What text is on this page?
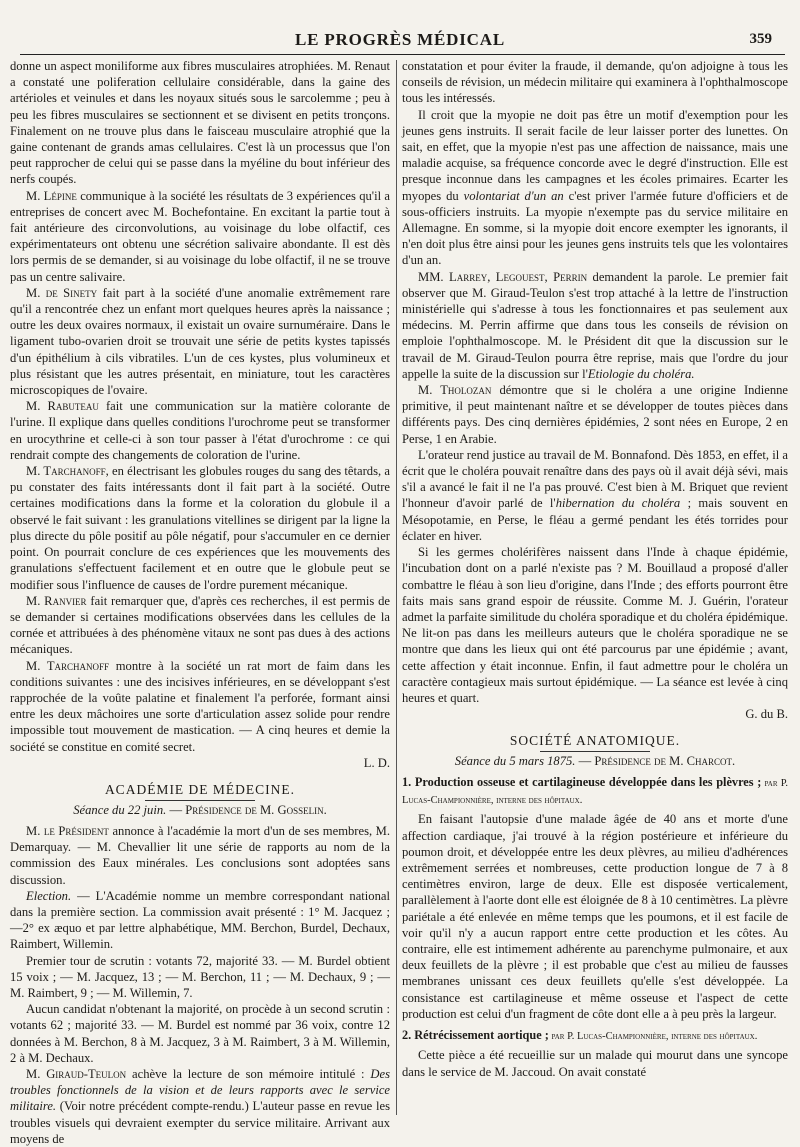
LE PROGRÈS MÉDICAL	359

donne un aspect moniliforme aux fibres musculaires atrophiées. M. Renaut a constaté une poliferation cellulaire considérable, dans la gaine des artérioles et veinules et dans les noyaux situés sous le sarcolemme ; peu à peu les fibres musculaires se sectionnent et se divisent en petits tronçons. Finalement on ne trouve plus dans le faisceau musculaire atrophié que la gaine contenant de grands amas cellulaires. C'est là un processus que l'on peut rapprocher de celui qui se passe dans la myéline du bout inférieur des nerfs coupés.

M. Lépine communique à la société les résultats de 3 expériences qu'il a entreprises de concert avec M. Bochefontaine. En excitant la partie tout à fait antérieure des circonvolutions, au voisinage du lobe olfactif, ces expérimentateurs ont obtenu une sécrétion salivaire abondante. Il est dès lors permis de se demander, si au voisinage du lobe olfactif, il ne se trouve pas un centre salivaire.

M. de Sinety fait part à la société d'une anomalie extrêmement rare qu'il a rencontrée chez un enfant mort quelques heures après la naissance ; outre les deux ovaires normaux, il existait un ovaire surnuméraire. Dans le ligament tubo-ovarien droit se trouvait une série de petits kystes tapissés d'un épithélium à cils vibratiles. L'un de ces kystes, plus volumineux et plus résistant que les autres présentait, en miniature, tout les caractères microscopiques de l'ovaire.

M. Rabuteau fait une communication sur la matière colorante de l'urine. Il explique dans quelles conditions l'urochrome peut se transformer en urocythrine et celle-ci à son tour passer à l'état d'urochrome : ce qui rendrait compte des changements de coloration de l'urine.

M. Tarchanoff, en électrisant les globules rouges du sang des têtards, a pu constater des faits intéressants dont il fait part à la société. Outre certaines modifications dans la forme et la coloration du globule il a observé le fait suivant : les granulations vitellines se dirigent par la ligne la plus directe du pôle positif au pôle négatif, pour s'accumuler en ce dernier point. On pourrait conclure de ces expériences que les mouvements des granulations s'effectuent facilement et en outre que le globule peut se modifier sous l'influence de causes de l'ordre purement mécanique.

M. Ranvier fait remarquer que, d'après ces recherches, il est permis de se demander si certaines modifications observées dans les cellules de la cornée et attribuées à des phénomène vitaux ne sont pas dues à des actions mécaniques.

M. Tarchanoff montre à la société un rat mort de faim dans les conditions suivantes : une des incisives inférieures, en se développant s'est rapprochée de la voûte palatine et finalement l'a perforée, formant ainsi entre les deux mâchoires une sorte d'articulation assez solide pour rendre impossible tout mouvement de mastication. — A cinq heures et demie la société se constitue en comité secret.

L. D.

ACADÉMIE DE MÉDECINE.
Séance du 22 juin. — Présidence de M. Gosselin.

M. le Président annonce à l'académie la mort d'un de ses membres, M. Demarquay. — M. Chevallier lit une série de rapports au nom de la commission des Eaux minérales. Les conclusions sont adoptées sans discussion.

Election. — L'Académie nomme un membre correspondant national dans la première section. La commission avait présenté : 1° M. Jacquez ; —2° ex æquo et par lettre alphabétique, MM. Berchon, Burdel, Dechaux, Raimbert, Willemin.

Premier tour de scrutin : votants 72, majorité 33. — M. Burdel obtient 15 voix ; — M. Jacquez, 13 ; — M. Berchon, 11 ; — M. Dechaux, 9 ; — M. Raimbert, 9 ; — M. Willemin, 7.

Aucun candidat n'obtenant la majorité, on procède à un second scrutin : votants 62 ; majorité 33. — M. Burdel est nommé par 36 voix, contre 12 données à M. Berchon, 8 à M. Jacquez, 3 à M. Raimbert, 3 à M. Willemin, 2 à M. Dechaux.

M. Giraud-Teulon achève la lecture de son mémoire intitulé : Des troubles fonctionnels de la vision et de leurs rapports avec le service militaire. (Voir notre précédent compte-rendu.) L'auteur passe en revue les troubles visuels qui devraient exempter du service militaire. Arrivant aux moyens de

constatation et pour éviter la fraude, il demande, qu'on adjoigne à tous les conseils de révision, un médecin militaire qui examinera à l'ophthalmoscope tous les intéressés.

Il croit que la myopie ne doit pas être un motif d'exemption pour les jeunes gens instruits. Il serait facile de leur laisser porter des lunettes. On sait, en effet, que la myopie n'est pas une affection de naissance, mais une maladie acquise, sa fréquence concorde avec le degré d'instruction. Elle est presque inconnue dans les campagnes et les écoles primaires. Ecarter les myopes du volontariat d'un an c'est priver l'armée future d'officiers et de sous-officiers instruits. La myopie n'exempte pas du service militaire en Allemagne. En somme, si la myopie doit encore exempter les ignorants, il n'en doit plus être ainsi pour les jeunes gens instruits tels que les volontaires d'un an.

MM. Larrey, Legouest, Perrin demandent la parole. Le premier fait observer que M. Giraud-Teulon s'est trop attaché à la lettre de l'instruction ministérielle qui s'adresse à tous les fonctionnaires et pas seulement aux médecins. M. Perrin affirme que dans tous les conseils de révision on emploie l'ophthalmoscope. M. le Président dit que la discussion sur le travail de M. Giraud-Teulon pourra être reprise, mais que l'ordre du jour appelle la suite de la discussion sur l'Etiologie du choléra.

M. Tholozan démontre que si le choléra a une origine Indienne primitive, il peut maintenant naître et se développer de toutes pièces dans différents pays. Des cinq dernières épidémies, 2 sont nées en Europe, 2 en Perse, 1 en Arabie.

L'orateur rend justice au travail de M. Bonnafond. Dès 1853, en effet, il a écrit que le choléra pouvait renaître dans des pays où il avait déjà sévi, mais s'il a avancé le fait il ne l'a pas prouvé. C'est bien à M. Briquet que revient l'honneur d'avoir parlé de l'hibernation du choléra ; mais souvent en Mésopotamie, en Perse, le fléau a germé pendant les étés torrides pour éclater en hiver.

Si les germes cholérifères naissent dans l'Inde à chaque épidémie, l'incubation dont on a parlé n'existe pas ? M. Bouillaud a proposé d'aller combattre le fléau à son lieu d'origine, dans l'Inde ; des efforts pourront être faits mais sans grand espoir de réussite. Comme M. J. Guérin, l'orateur admet la parfaite similitude du choléra sporadique et du choléra épidémique. Ne lit-on pas dans les meilleurs auteurs que le choléra sporadique ne se montre que dans les lieux qui ont été parcourus par une épidémie ; avant, cette affection y était inconnue. Enfin, il faut admettre pour le choléra un caractère contagieux mais surtout épidémique. — La séance est levée à cinq heures et quart.

G. du B.

SOCIÉTÉ ANATOMIQUE.
Séance du 5 mars 1875. — Présidence de M. Charcot.
1. Production osseuse et cartilagineuse développée dans les plèvres ; par P. Lucas-Championnière, interne des hôpitaux.

En faisant l'autopsie d'une malade âgée de 40 ans et morte d'une affection cardiaque, j'ai trouvé à la région postérieure et inférieure du poumon droit, et développée entre les deux plèvres, au milieu d'adhérences extrêmement serrées et nombreuses, cette production longue de 7 à 8 centimètres environ, large de deux. Elle est disposée verticalement, parallèlement à l'aorte dont elle est éloignée de 8 à 10 centimètres. La plèvre pariétale a été enlevée en même temps que les poumons, et il est facile de voir qu'il n'y a aucun rapport entre cette production et les côtes. Au contraire, elle est intimement adhérente au parenchyme pulmonaire, et aux deux feuillets de la plèvre ; il est probable que c'est au milieu de fausses membranes unissant ces deux feuillets qu'elle s'est développée. La consistance est cartilagineuse et même osseuse et l'aspect de cette production est celui d'un fragment de côte dont elle a à peu près la largeur.

2. Rétrécissement aortique ; par P. Lucas-Championnière, interne des hôpitaux.

Cette pièce a été recueillie sur un malade qui mourut dans une syncope dans le service de M. Jaccoud. On avait constaté
